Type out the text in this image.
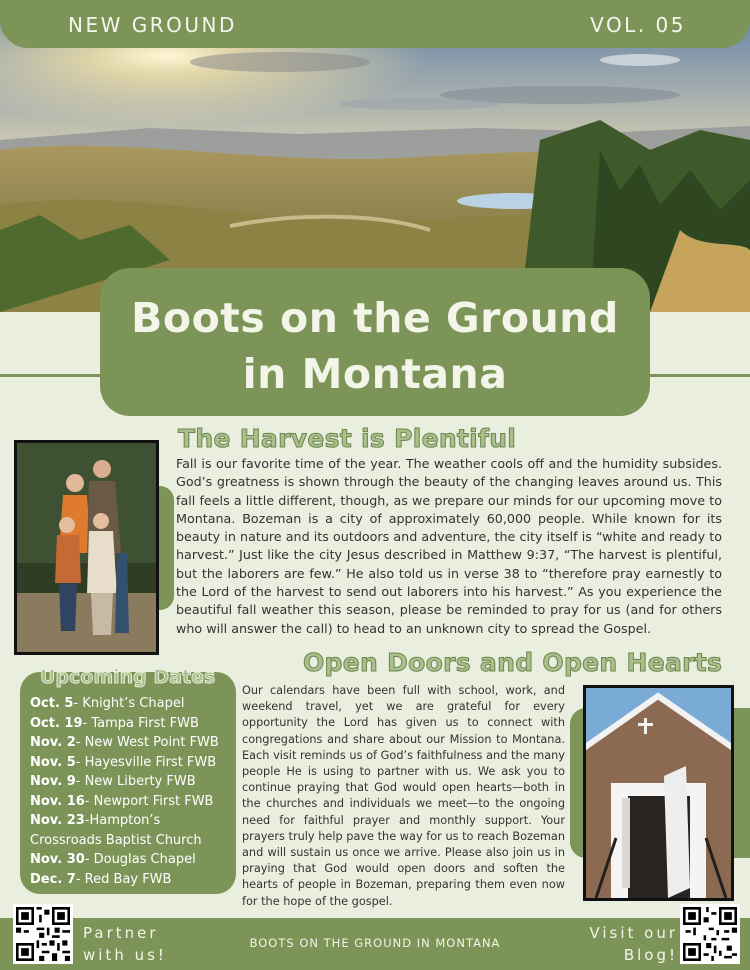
NEW GROUND	VOL. 05
Boots on the Ground
in Montana
The Harvest is Plentiful

Fall is our favorite time of the year. The weather cools off and the humidity subsides. God’s greatness is shown through the beauty of the changing leaves around us. This fall feels a little different, though, as we prepare our minds for our upcoming move to Montana. Bozeman is a city of approximately 60,000 people. While known for its beauty in nature and its outdoors and adventure, the city itself is “white and ready to harvest.” Just like the city Jesus described in Matthew 9:37, “The harvest is plentiful, but the laborers are few.” He also told us in verse 38 to “therefore pray earnestly to the Lord of the harvest to send out laborers into his harvest.” As you experience the beautiful fall weather this season, please be reminded to pray for us (and for others who will answer the call) to head to an unknown city to spread the Gospel.

Upcoming Dates
Oct. 5- Knight’s Chapel
Oct. 19- Tampa First FWB
Nov. 2- New West Point FWB
Nov. 5- Hayesville First FWB
Nov. 9- New Liberty FWB
Nov. 16- Newport First FWB
Nov. 23-Hampton’s Crossroads Baptist Church
Nov. 30- Douglas Chapel
Dec. 7- Red Bay FWB
Open Doors and Open Hearts

Our calendars have been full with school, work, and weekend travel, yet we are grateful for every opportunity the Lord has given us to connect with congregations and share about our Mission to Montana. Each visit reminds us of God’s faithfulness and the many people He is using to partner with us. We ask you to continue praying that God would open hearts—both in the churches and individuals we meet—to the ongoing need for faithful prayer and monthly support. Your prayers truly help pave the way for us to reach Bozeman and will sustain us once we arrive. Please also join us in praying that God would open doors and soften the hearts of people in Bozeman, preparing them even now for the hope of the gospel.

Partner
with us!
BOOTS ON THE GROUND IN MONTANA
Visit our
Blog!
